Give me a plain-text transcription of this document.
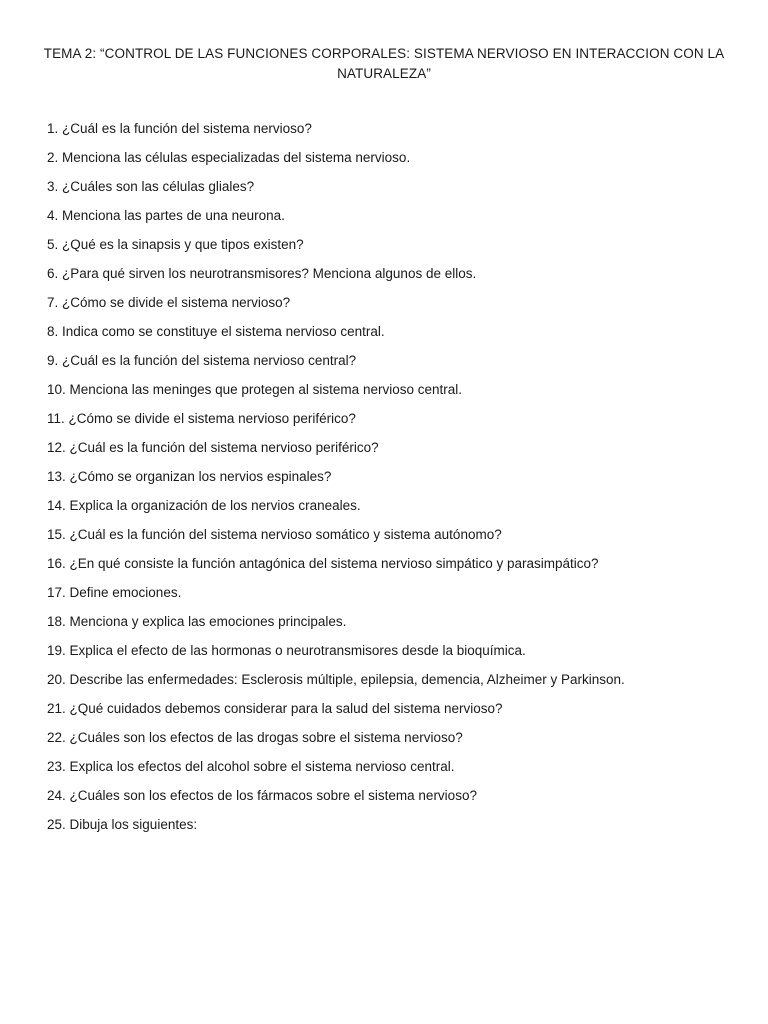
TEMA 2: “CONTROL DE LAS FUNCIONES CORPORALES: SISTEMA NERVIOSO EN INTERACCION CON LA NATURALEZA”
1. ¿Cuál es la función del sistema nervioso?
2. Menciona las células especializadas del sistema nervioso.
3. ¿Cuáles son las células gliales?
4. Menciona las partes de una neurona.
5. ¿Qué es la sinapsis y que tipos existen?
6. ¿Para qué sirven los neurotransmisores? Menciona algunos de ellos.
7. ¿Cómo se divide el sistema nervioso?
8. Indica como se constituye el sistema nervioso central.
9. ¿Cuál es la función del sistema nervioso central?
10. Menciona las meninges que protegen al sistema nervioso central.
11. ¿Cómo se divide el sistema nervioso periférico?
12. ¿Cuál es la función del sistema nervioso periférico?
13. ¿Cómo se organizan los nervios espinales?
14. Explica la organización de los nervios craneales.
15. ¿Cuál es la función del sistema nervioso somático y sistema autónomo?
16. ¿En qué consiste la función antagónica del sistema nervioso simpático y parasimpático?
17. Define emociones.
18. Menciona y explica las emociones principales.
19. Explica el efecto de las hormonas o neurotransmisores desde la bioquímica.
20. Describe las enfermedades: Esclerosis múltiple, epilepsia, demencia, Alzheimer y Parkinson.
21. ¿Qué cuidados debemos considerar para la salud del sistema nervioso?
22. ¿Cuáles son los efectos de las drogas sobre el sistema nervioso?
23. Explica los efectos del alcohol sobre el sistema nervioso central.
24. ¿Cuáles son los efectos de los fármacos sobre el sistema nervioso?
25. Dibuja los siguientes:
